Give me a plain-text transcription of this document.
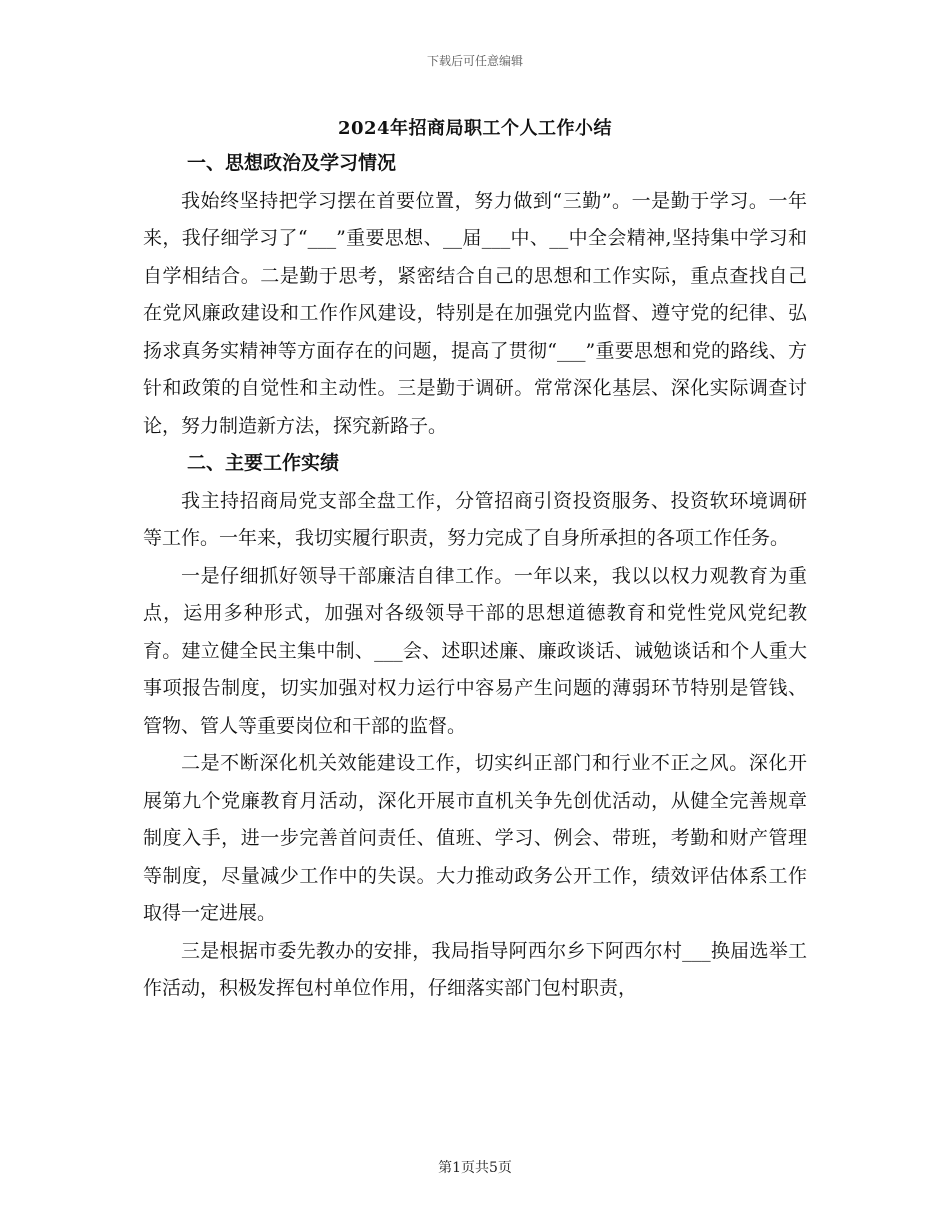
下载后可任意编辑
2024年招商局职工个人工作小结
一、思想政治及学习情况

我始终坚持把学习摆在首要位置，努力做到“三勤”。一是勤于学习。一年来，我仔细学习了“___”重要思想、__届___中、__中全会精神,坚持集中学习和自学相结合。二是勤于思考，紧密结合自己的思想和工作实际，重点查找自己在党风廉政建设和工作作风建设，特别是在加强党内监督、遵守党的纪律、弘扬求真务实精神等方面存在的问题，提高了贯彻“___”重要思想和党的路线、方针和政策的自觉性和主动性。三是勤于调研。常常深化基层、深化实际调查讨论，努力制造新方法，探究新路子。

二、主要工作实绩

我主持招商局党支部全盘工作，分管招商引资投资服务、投资软环境调研等工作。一年来，我切实履行职责，努力完成了自身所承担的各项工作任务。

一是仔细抓好领导干部廉洁自律工作。一年以来，我以以权力观教育为重点，运用多种形式，加强对各级领导干部的思想道德教育和党性党风党纪教育。建立健全民主集中制、___会、述职述廉、廉政谈话、诫勉谈话和个人重大事项报告制度，切实加强对权力运行中容易产生问题的薄弱环节特别是管钱、管物、管人等重要岗位和干部的监督。

二是不断深化机关效能建设工作，切实纠正部门和行业不正之风。深化开展第九个党廉教育月活动，深化开展市直机关争先创优活动，从健全完善规章制度入手，进一步完善首问责任、值班、学习、例会、带班，考勤和财产管理等制度，尽量减少工作中的失误。大力推动政务公开工作，绩效评估体系工作取得一定进展。

三是根据市委先教办的安排，我局指导阿西尔乡下阿西尔村___换届选举工作活动，积极发挥包村单位作用，仔细落实部门包村职责，

第1页共5页
